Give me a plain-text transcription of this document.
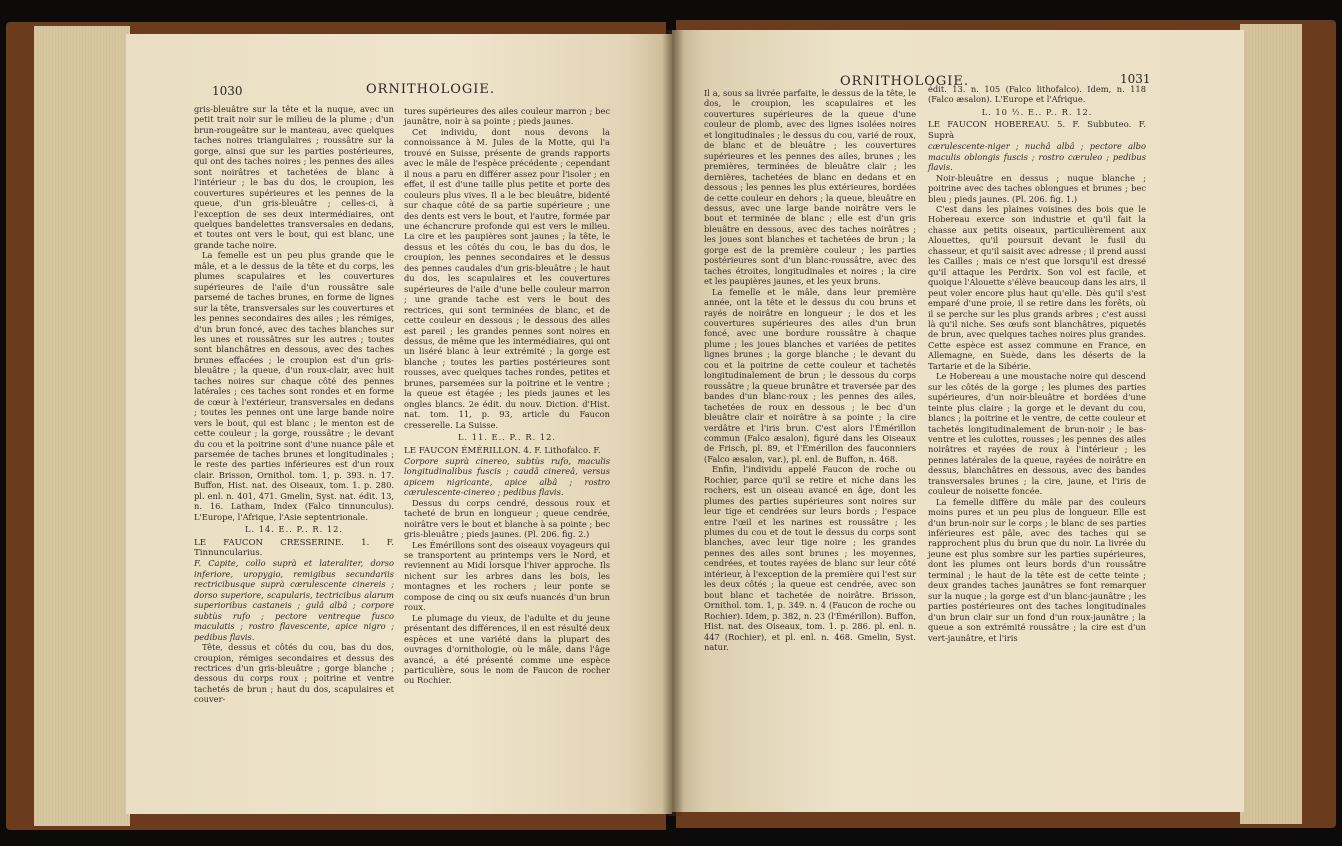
1030	ORNITHOLOGIE.

gris-bleuâtre sur la tête et la nuque, avec un petit trait noir sur le milieu de la plume ; d'un brun-rougeâtre sur le manteau, avec quelques taches noires triangulaires ; roussâtre sur la gorge, ainsi que sur les parties postérieures, qui ont des taches noires ; les pennes des ailes sont noirâtres et tachetées de blanc à l'intérieur ; le bas du dos, le croupion, les couvertures supérieures et les pennes de la queue, d'un gris-bleuâtre ; celles-ci, à l'exception de ses deux intermédiaires, ont quelques bandelettes transversales en dedans, et toutes ont vers le bout, qui est blanc, une grande tache noire.

La femelle est un peu plus grande que le mâle, et a le dessus de la tête et du corps, les plumes scapulaires et les couvertures supérieures de l'aile d'un roussâtre sale parsemé de taches brunes, en forme de lignes sur la tête, transversales sur les couvertures et les pennes secondaires des ailes ; les rémiges, d'un brun foncé, avec des taches blanches sur les unes et roussâtres sur les autres ; toutes sont blanchâtres en dessous, avec des taches brunes effacées ; le croupion est d'un gris-bleuâtre ; la queue, d'un roux-clair, avec huit taches noires sur chaque côté des pennes latérales ; ces taches sont rondes et en forme de cœur à l'extérieur, transversales en dedans ; toutes les pennes ont une large bande noire vers le bout, qui est blanc ; le menton est de cette couleur ; la gorge, roussâtre ; le devant du cou et la poitrine sont d'une nuance pâle et parsemée de taches brunes et longitudinales ; le reste des parties inférieures est d'un roux clair. Brisson, Ornithol. tom. 1, p. 393. n. 17. Buffon, Hist. nat. des Oiseaux, tom. 1. p. 280. pl. enl. n. 401, 471. Gmelin, Syst. nat. édit. 13, n. 16. Latham, Index (Falco tinnunculus). L'Europe, l'Afrique, l'Asie septentrionale.

L. 14. E.. P.. R. 12.

LE FAUCON CRESSERINE. 1. F. Tinnuncularius.

F. Capite, collo suprà et lateraliter, dorso inferiore, uropygio, remigibus secundariis rectricibusque suprà cærulescente cinereis ; dorso superiore, scapularis, tectricibus alarum superioribus castaneis ; gulâ albâ ; corpore subtùs rufo ; pectore ventreque fusco maculatis ; rostro flavescente, apice nigro ; pedibus flavis.

Tête, dessus et côtés du cou, bas du dos, croupion, rémiges secondaires et dessus des rectrices d'un gris-bleuâtre ; gorge blanche ; dessous du corps roux ; poitrine et ventre tachetés de brun ; haut du dos, scapulaires et couver-

tures supérieures des ailes couleur marron ; bec jaunâtre, noir à sa pointe ; pieds jaunes.

Cet individu, dont nous devons la connoissance à M. Jules de la Motte, qui l'a trouvé en Suisse, présente de grands rapports avec le mâle de l'espèce précédente ; cependant il nous a paru en différer assez pour l'isoler ; en effet, il est d'une taille plus petite et porte des couleurs plus vives. Il a le bec bleuâtre, bidenté sur chaque côté de sa partie supérieure ; une des dents est vers le bout, et l'autre, formée par une échancrure profonde qui est vers le milieu. La cire et les paupières sont jaunes ; la tête, le dessus et les côtés du cou, le bas du dos, le croupion, les pennes secondaires et le dessus des pennes caudales d'un gris-bleuâtre ; le haut du dos, les scapulaires et les couvertures supérieures de l'aile d'une belle couleur marron ; une grande tache est vers le bout des rectrices, qui sont terminées de blanc, et de cette couleur en dessous ; le dessous des ailes est pareil ; les grandes pennes sont noires en dessus, de même que les intermédiaires, qui ont un liséré blanc à leur extrémité ; la gorge est blanche ; toutes les parties postérieures sont rousses, avec quelques taches rondes, petites et brunes, parsemées sur la poitrine et le ventre ; la queue est étagée ; les pieds jaunes et les ongles blancs. 2e édit. du nouv. Diction. d'Hist. nat. tom. 11, p. 93, article du Faucon cresserelle. La Suisse.

L. 11. E.. P.. R. 12.

LE FAUCON ÉMÉRILLON. 4. F. Lithofalco. F.

Corpore suprà cinereo, subtùs rufo, maculis longitudinalibus fuscis ; caudâ cinereâ, versus apicem nigricante, apice albâ ; rostro cærulescente-cinereo ; pedibus flavis.

Dessus du corps cendré, dessous roux et tacheté de brun en longueur ; queue cendrée, noirâtre vers le bout et blanche à sa pointe ; bec gris-bleuâtre ; pieds jaunes. (Pl. 206. fig. 2.)

Les Émérillons sont des oiseaux voyageurs qui se transportent au printemps vers le Nord, et reviennent au Midi lorsque l'hiver approche. Ils nichent sur les arbres dans les bois, les montagnes et les rochers ; leur ponte se compose de cinq ou six œufs nuancés d'un brun roux.

Le plumage du vieux, de l'adulte et du jeune présentant des différences, il en est résulté deux espèces et une variété dans la plupart des ouvrages d'ornithologie, où le mâle, dans l'âge avancé, a été présenté comme une espèce particulière, sous le nom de Faucon de rocher ou Rochier.

ORNITHOLOGIE.	1031

Il a, sous sa livrée parfaite, le dessus de la tête, le dos, le croupion, les scapulaires et les couvertures supérieures de la queue d'une couleur de plomb, avec des lignes isolées noires et longitudinales ; le dessus du cou, varié de roux, de blanc et de bleuâtre ; les couvertures supérieures et les pennes des ailes, brunes ; les premières, terminées de bleuâtre clair ; les dernières, tachetées de blanc en dedans et en dessous ; les pennes les plus extérieures, bordées de cette couleur en dehors ; la queue, bleuâtre en dessus, avec une large bande noirâtre vers le bout et terminée de blanc ; elle est d'un gris bleuâtre en dessous, avec des taches noirâtres ; les joues sont blanches et tachetées de brun ; la gorge est de la première couleur ; les parties postérieures sont d'un blanc-roussâtre, avec des taches étroites, longitudinales et noires ; la cire et les paupières jaunes, et les yeux bruns.

La femelle et le mâle, dans leur première année, ont la tête et le dessus du cou bruns et rayés de noirâtre en longueur ; le dos et les couvertures supérieures des ailes d'un brun foncé, avec une bordure roussâtre à chaque plume ; les joues blanches et variées de petites lignes brunes ; la gorge blanche ; le devant du cou et la poitrine de cette couleur et tachetés longitudinalement de brun ; le dessous du corps roussâtre ; la queue brunâtre et traversée par des bandes d'un blanc-roux ; les pennes des ailes, tachetées de roux en dessous ; le bec d'un bleuâtre clair et noirâtre à sa pointe ; la cire verdâtre et l'iris brun. C'est alors l'Émérillon commun (Falco æsalon), figuré dans les Oiseaux de Frisch, pl. 89, et l'Émérillon des fauconniers (Falco æsalon, var.), pl. enl. de Buffon, n. 468.

Enfin, l'individu appelé Faucon de roche ou Rochier, parce qu'il se retire et niche dans les rochers, est un oiseau avancé en âge, dont les plumes des parties supérieures sont noires sur leur tige et cendrées sur leurs bords ; l'espace entre l'œil et les narines est roussâtre ; les plumes du cou et de tout le dessus du corps sont blanches, avec leur tige noire ; les grandes pennes des ailes sont brunes ; les moyennes, cendrées, et toutes rayées de blanc sur leur côté intérieur, à l'exception de la première qui l'est sur les deux côtés ; la queue est cendrée, avec son bout blanc et tachetée de noirâtre. Brisson, Ornithol. tom. 1, p. 349. n. 4 (Faucon de roche ou Rochier). Idem, p. 382, n. 23 (l'Émérillon). Buffon, Hist. nat. des Oiseaux, tom. 1. p. 286. pl. enl. n. 447 (Rochier), et pl. enl. n. 468. Gmelin, Syst. natur.

édit. 13. n. 105 (Falco lithofalco). Idem, n. 118 (Falco æsalon). L'Europe et l'Afrique.

L. 10 ½. E.. P.. R. 12.

LE FAUCON HOBEREAU. 5. F. Subbuteo. F. Suprà

cærulescente-niger ; nuchâ albâ ; pectore albo maculis oblongis fuscis ; rostro cæruleo ; pedibus flavis.

Noir-bleuâtre en dessus ; nuque blanche ; poitrine avec des taches oblongues et brunes ; bec bleu ; pieds jaunes. (Pl. 206. fig. 1.)

C'est dans les plaines voisines des bois que le Hobereau exerce son industrie et qu'il fait la chasse aux petits oiseaux, particulièrement aux Alouettes, qu'il poursuit devant le fusil du chasseur, et qu'il saisit avec adresse ; il prend aussi les Cailles ; mais ce n'est que lorsqu'il est dressé qu'il attaque les Perdrix. Son vol est facile, et quoique l'Alouette s'élève beaucoup dans les airs, il peut voler encore plus haut qu'elle. Dès qu'il s'est emparé d'une proie, il se retire dans les forêts, où il se perche sur les plus grands arbres ; c'est aussi là qu'il niche. Ses œufs sont blanchâtres, piquetés de brun, avec quelques taches noires plus grandes. Cette espèce est assez commune en France, en Allemagne, en Suède, dans les déserts de la Tartarie et de la Sibérie.

Le Hobereau a une moustache noire qui descend sur les côtés de la gorge ; les plumes des parties supérieures, d'un noir-bleuâtre et bordées d'une teinte plus claire ; la gorge et le devant du cou, blancs ; la poitrine et le ventre, de cette couleur et tachetés longitudinalement de brun-noir ; le bas-ventre et les culottes, rousses ; les pennes des ailes noirâtres et rayées de roux à l'intérieur ; les pennes latérales de la queue, rayées de noirâtre en dessus, blanchâtres en dessous, avec des bandes transversales brunes ; la cire, jaune, et l'iris de couleur de noisette foncée.

La femelle diffère du mâle par des couleurs moins pures et un peu plus de longueur. Elle est d'un brun-noir sur le corps ; le blanc de ses parties inférieures est pâle, avec des taches qui se rapprochent plus du brun que du noir. La livrée du jeune est plus sombre sur les parties supérieures, dont les plumes ont leurs bords d'un roussâtre terminal ; le haut de la tête est de cette teinte ; deux grandes taches jaunâtres se font remarquer sur la nuque ; la gorge est d'un blanc-jaunâtre ; les parties postérieures ont des taches longitudinales d'un brun clair sur un fond d'un roux-jaunâtre ; la queue a son extrémité roussâtre ; la cire est d'un vert-jaunâtre, et l'iris
